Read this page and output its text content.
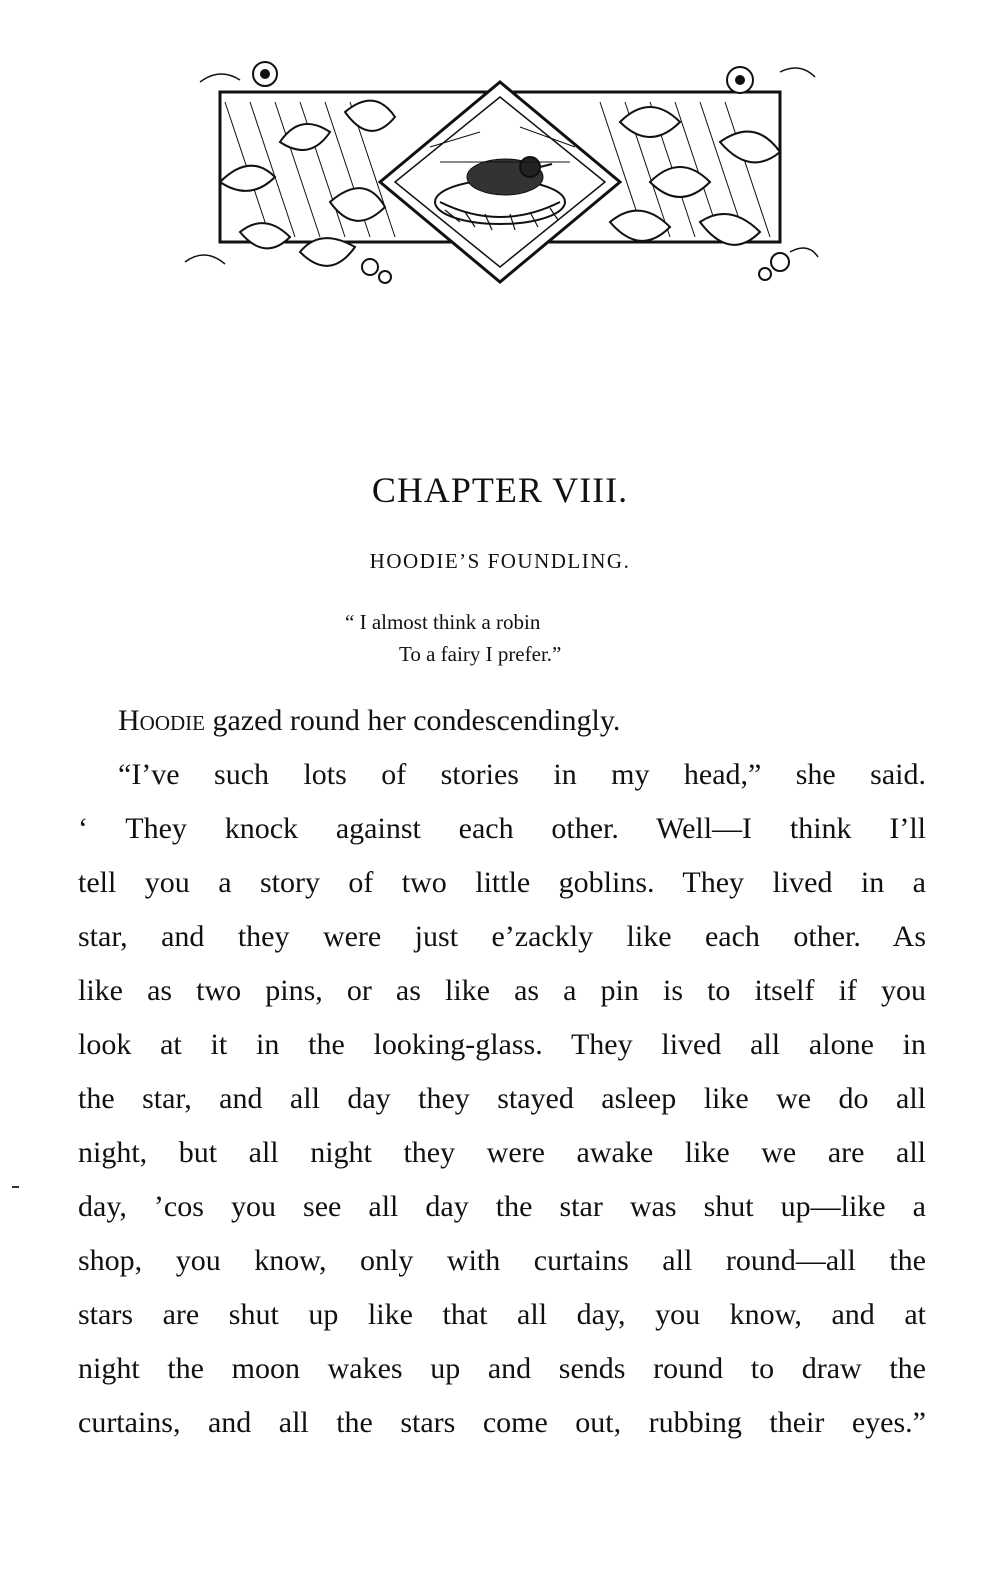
CHAPTER VIII.
HOODIE’S FOUNDLING.
“ I almost think a robin
To a fairy I prefer.”
Hoodie gazed round her condescendingly.
“I’ve such lots of stories in my head,” she said.
‘ They knock against each other. Well—I think I’ll
tell you a story of two little goblins. They lived in a
star, and they were just e’zackly like each other. As
like as two pins, or as like as a pin is to itself if you
look at it in the looking-glass. They lived all alone in
the star, and all day they stayed asleep like we do all
night, but all night they were awake like we are all
day, ’cos you see all day the star was shut up—like a
shop, you know, only with curtains all round—all the
stars are shut up like that all day, you know, and at
night the moon wakes up and sends round to draw the
curtains, and all the stars come out, rubbing their eyes.”
